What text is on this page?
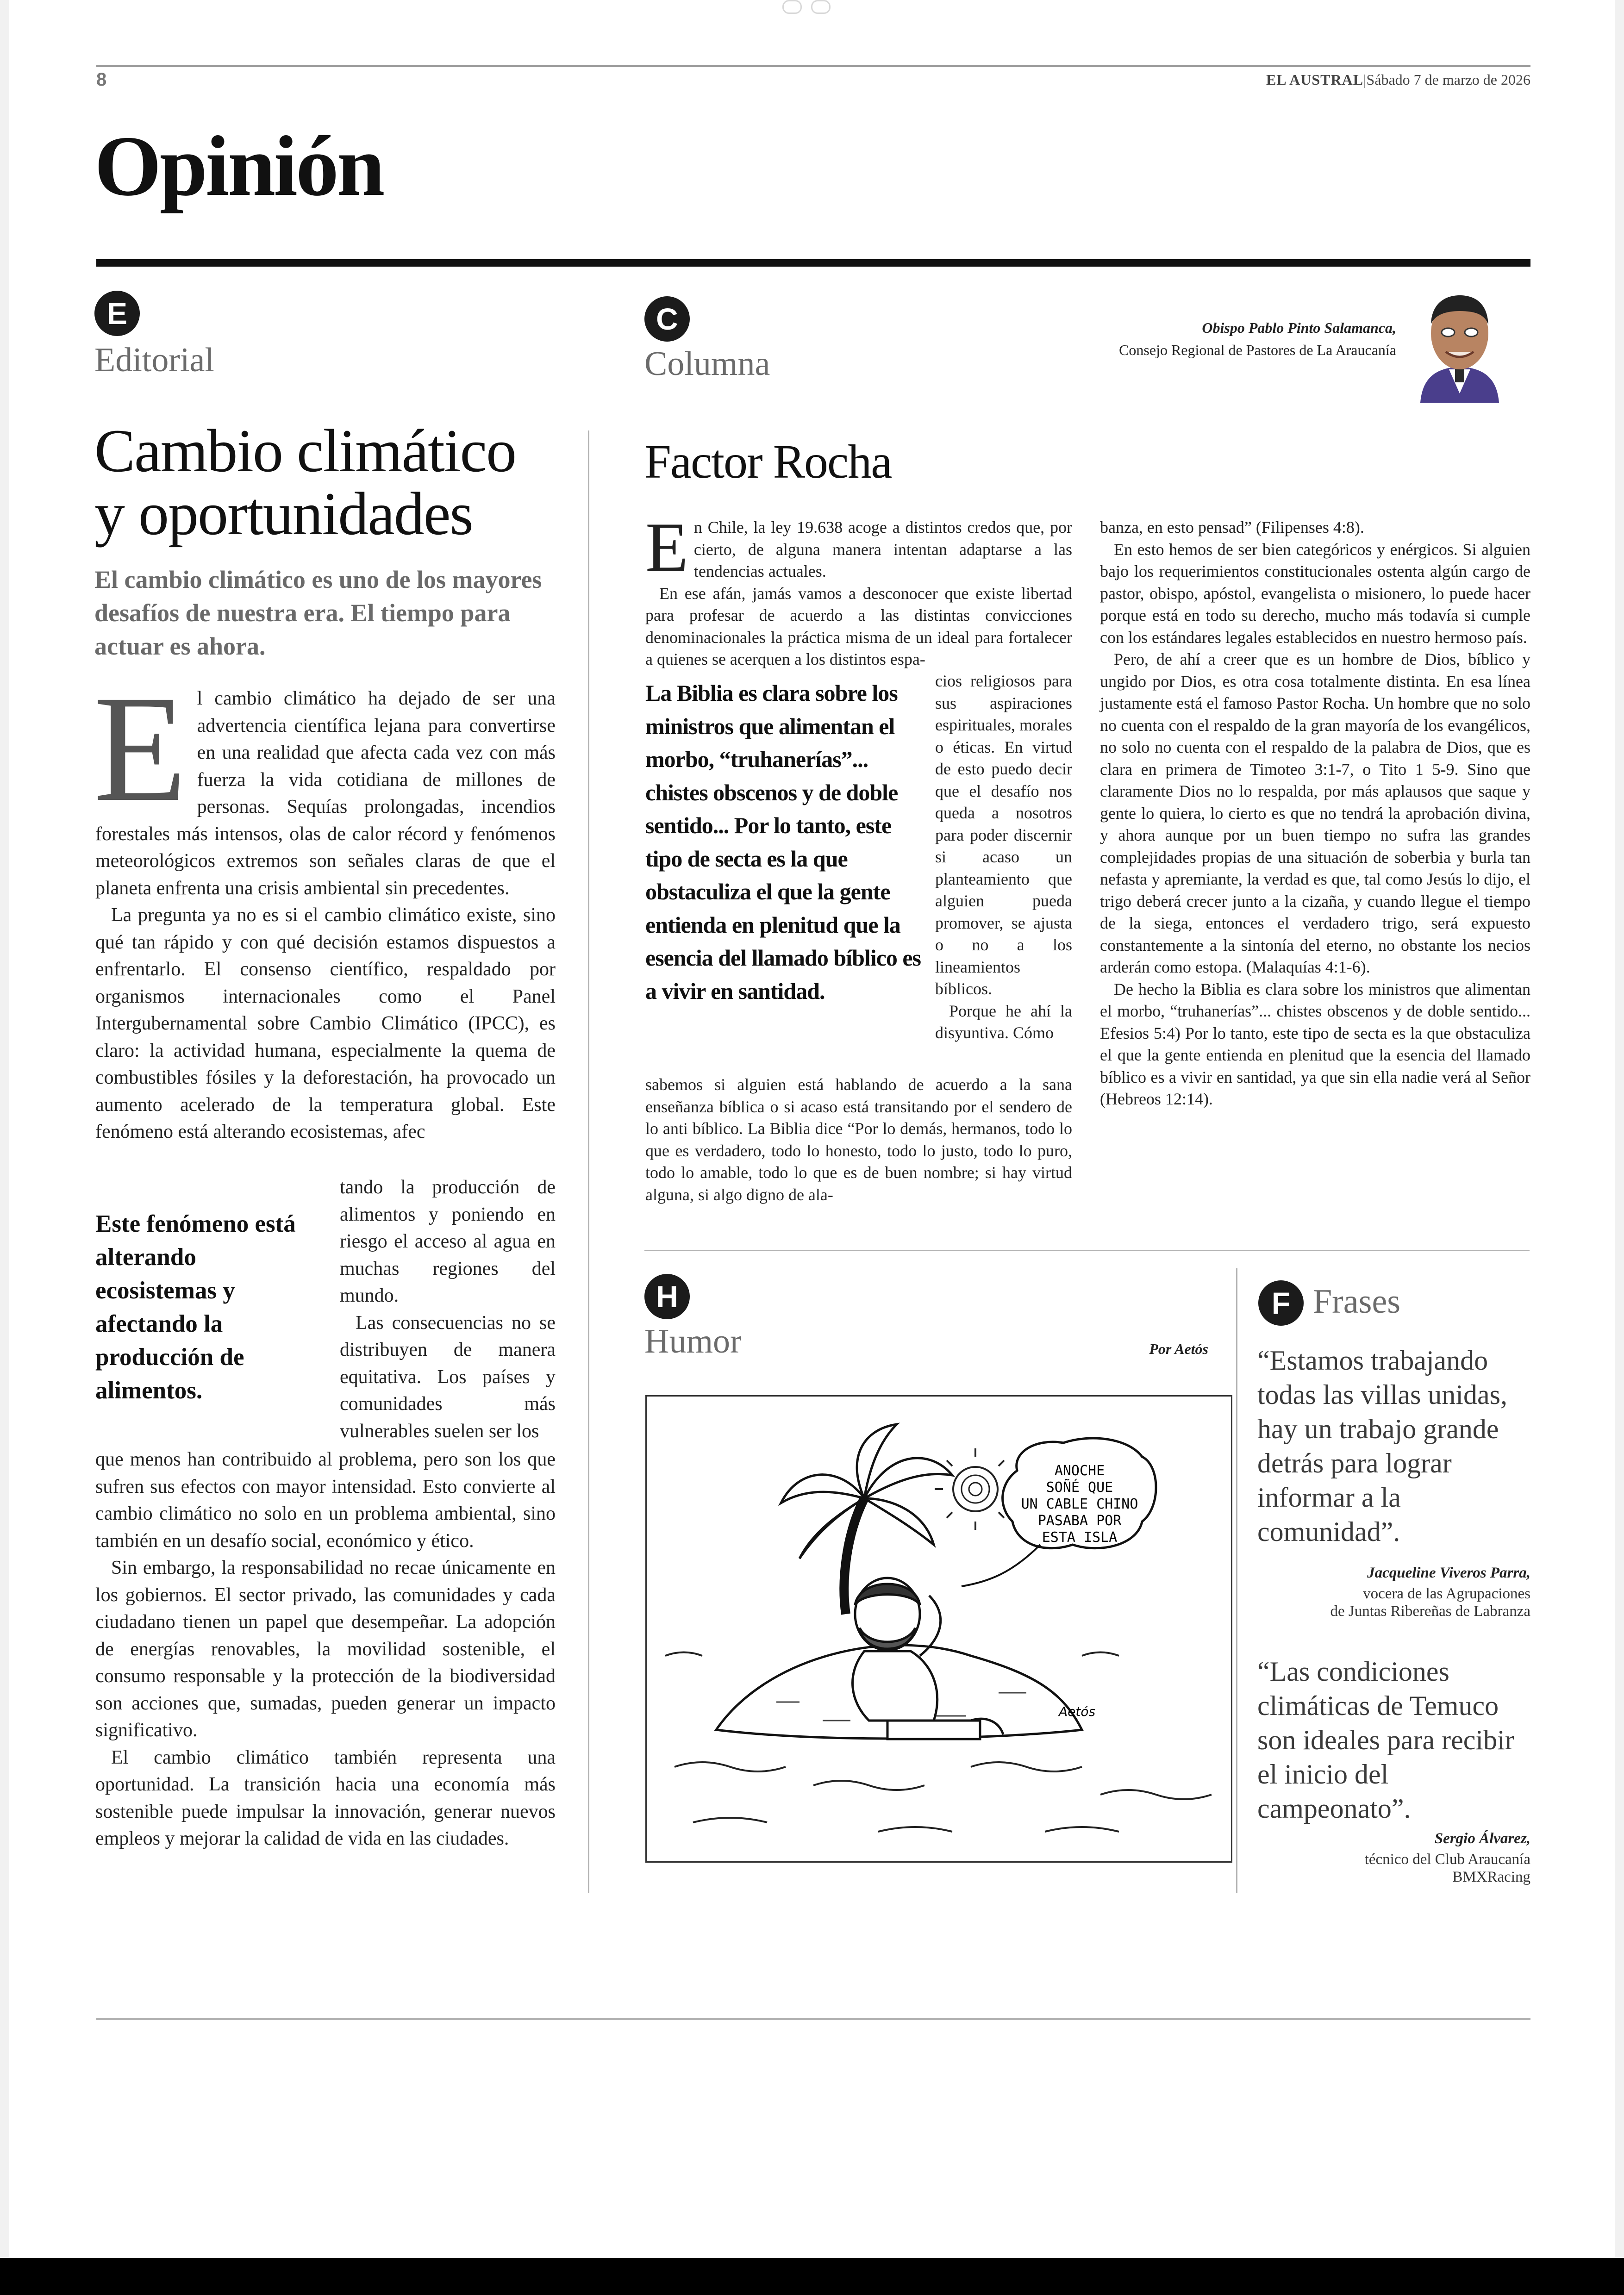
8	EL AUSTRAL|Sábado 7 de marzo de 2026
Opinión
E
Editorial
Cambio climático
y oportunidades
El cambio climático es uno de los mayores desafíos de nuestra era. El tiempo para actuar es ahora.

El cambio climático ha dejado de ser una advertencia científica lejana para convertirse en una realidad que afecta cada vez con más fuerza la vida cotidiana de millones de personas. Sequías prolongadas, incendios forestales más intensos, olas de calor récord y fenómenos meteorológicos extremos son señales claras de que el planeta enfrenta una crisis ambiental sin precedentes.

La pregunta ya no es si el cambio climático existe, sino qué tan rápido y con qué decisión estamos dispuestos a enfrentarlo. El consenso científico, respaldado por organismos internacionales como el Panel Intergubernamental sobre Cambio Climático (IPCC), es claro: la actividad humana, especialmente la quema de combustibles fósiles y la deforestación, ha provocado un aumento acelerado de la temperatura global. Este fenómeno está alterando ecosistemas, afec

tando la producción de alimentos y poniendo en riesgo el acceso al agua en muchas regiones del mundo.

Las consecuencias no se distribuyen de manera equitativa. Los países y comunidades más vulnerables suelen ser los

Este fenómeno está alterando ecosistemas y afectando la producción de alimentos.

que menos han contribuido al problema, pero son los que sufren sus efectos con mayor intensidad. Esto convierte al cambio climático no solo en un problema ambiental, sino también en un desafío social, económico y ético.

Sin embargo, la responsabilidad no recae únicamente en los gobiernos. El sector privado, las comunidades y cada ciudadano tienen un papel que desempeñar. La adopción de energías renovables, la movilidad sostenible, el consumo responsable y la protección de la biodiversidad son acciones que, sumadas, pueden generar un impacto significativo.

El cambio climático también representa una oportunidad. La transición hacia una economía más sostenible puede impulsar la innovación, generar nuevos empleos y mejorar la calidad de vida en las ciudades.

C
Columna
Obispo Pablo Pinto Salamanca,
Consejo Regional de Pastores de La Araucanía
Factor Rocha

En Chile, la ley 19.638 acoge a distintos credos que, por cierto, de alguna manera intentan adaptarse a las tendencias actuales.

En ese afán, jamás vamos a desconocer que existe libertad para profesar de acuerdo a las distintas convicciones denominacionales la práctica misma de un ideal para fortalecer a quienes se acerquen a los distintos espa-

La Biblia es clara sobre los ministros que alimentan el morbo, “truhanerías”... chistes obscenos y de doble sentido... Por lo tanto, este tipo de secta es la que obstaculiza el que la gente entienda en plenitud que la esencia del llamado bíblico es a vivir en santidad.

cios religiosos para sus aspiraciones espirituales, morales o éticas. En virtud de esto puedo decir que el desafío nos queda a nosotros para poder discernir si acaso un planteamiento que alguien pueda promover, se ajusta o no a los lineamientos bíblicos.

Porque he ahí la disyuntiva. Cómo

sabemos si alguien está hablando de acuerdo a la sana enseñanza bíblica o si acaso está transitando por el sendero de lo anti bíblico. La Biblia dice “Por lo demás, hermanos, todo lo que es verdadero, todo lo honesto, todo lo justo, todo lo puro, todo lo amable, todo lo que es de buen nombre; si hay virtud alguna, si algo digno de ala-

banza, en esto pensad” (Filipenses 4:8).

En esto hemos de ser bien categóricos y enérgicos. Si alguien bajo los requerimientos constitucionales ostenta algún cargo de pastor, obispo, apóstol, evangelista o misionero, lo puede hacer porque está en todo su derecho, mucho más todavía si cumple con los estándares legales establecidos en nuestro hermoso país.

Pero, de ahí a creer que es un hombre de Dios, bíblico y ungido por Dios, es otra cosa totalmente distinta. En esa línea justamente está el famoso Pastor Rocha. Un hombre que no solo no cuenta con el respaldo de la gran mayoría de los evangélicos, no solo no cuenta con el respaldo de la palabra de Dios, que es clara en primera de Timoteo 3:1-7, o Tito 1 5-9. Sino que claramente Dios no lo respalda, por más aplausos que saque y gente lo quiera, lo cierto es que no tendrá la aprobación divina, y ahora aunque por un buen tiempo no sufra las grandes complejidades propias de una situación de soberbia y burla tan nefasta y apremiante, la verdad es que, tal como Jesús lo dijo, el trigo deberá crecer junto a la cizaña, y cuando llegue el tiempo de la siega, entonces el verdadero trigo, será expuesto constantemente a la sintonía del eterno, no obstante los necios arderán como estopa. (Malaquías 4:1-6).

De hecho la Biblia es clara sobre los ministros que alimentan el morbo, “truhanerías”... chistes obscenos y de doble sentido... Efesios 5:4) Por lo tanto, este tipo de secta es la que obstaculiza el que la gente entienda en plenitud que la esencia del llamado bíblico es a vivir en santidad, ya que sin ella nadie verá al Señor (Hebreos 12:14).

H
Humor	Por Aetós
ANOCHE
SOÑÉ QUE
UN CABLE CHINO
PASABA POR
ESTA ISLA
Aetós
F Frases
“Estamos trabajando todas las villas unidas, hay un trabajo grande detrás para lograr informar a la comunidad”.
Jacqueline Viveros Parra,
vocera de las Agrupaciones
de Juntas Ribereñas de Labranza
“Las condiciones climáticas de Temuco son ideales para recibir el inicio del campeonato”.
Sergio Álvarez,
técnico del Club Araucanía
BMXRacing
